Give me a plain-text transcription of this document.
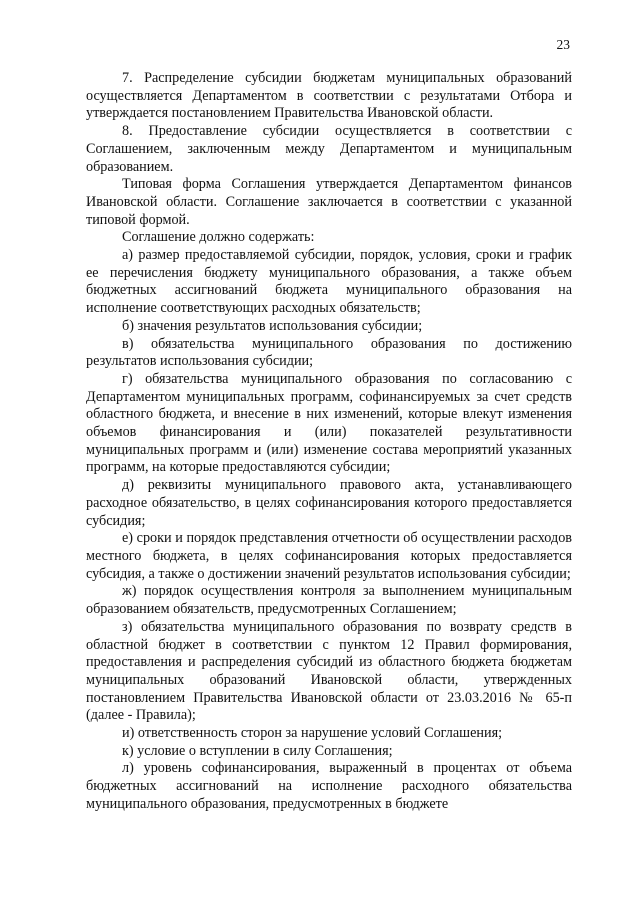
23

7. Распределение субсидии бюджетам муниципальных образований осуществляется Департаментом в соответствии с результатами Отбора и утверждается постановлением Правительства Ивановской области.

8. Предоставление субсидии осуществляется в соответствии с Соглашением, заключенным между Департаментом и муниципальным образованием.

Типовая форма Соглашения утверждается Департаментом финансов Ивановской области. Соглашение заключается в соответствии с указанной типовой формой.

Соглашение должно содержать:

а) размер предоставляемой субсидии, порядок, условия, сроки и график ее перечисления бюджету муниципального образования, а также объем бюджетных ассигнований бюджета муниципального образования на исполнение соответствующих расходных обязательств;

б) значения результатов использования субсидии;

в) обязательства муниципального образования по достижению результатов использования субсидии;

г) обязательства муниципального образования по согласованию с Департаментом муниципальных программ, софинансируемых за счет средств областного бюджета, и внесение в них изменений, которые влекут изменения объемов финансирования и (или) показателей результативности муниципальных программ и (или) изменение состава мероприятий указанных программ, на которые предоставляются субсидии;

д) реквизиты муниципального правового акта, устанавливающего расходное обязательство, в целях софинансирования которого предоставляется субсидия;

е) сроки и порядок представления отчетности об осуществлении расходов местного бюджета, в целях софинансирования которых предоставляется субсидия, а также о достижении значений результатов использования субсидии;

ж) порядок осуществления контроля за выполнением муниципальным образованием обязательств, предусмотренных Соглашением;

з) обязательства муниципального образования по возврату средств в областной бюджет в соответствии с пунктом 12 Правил формирования, предоставления и распределения субсидий из областного бюджета бюджетам муниципальных образований Ивановской области, утвержденных постановлением Правительства Ивановской области от 23.03.2016 № 65-п (далее - Правила);

и) ответственность сторон за нарушение условий Соглашения;

к) условие о вступлении в силу Соглашения;

л) уровень софинансирования, выраженный в процентах от объема бюджетных ассигнований на исполнение расходного обязательства муниципального образования, предусмотренных в бюджете
